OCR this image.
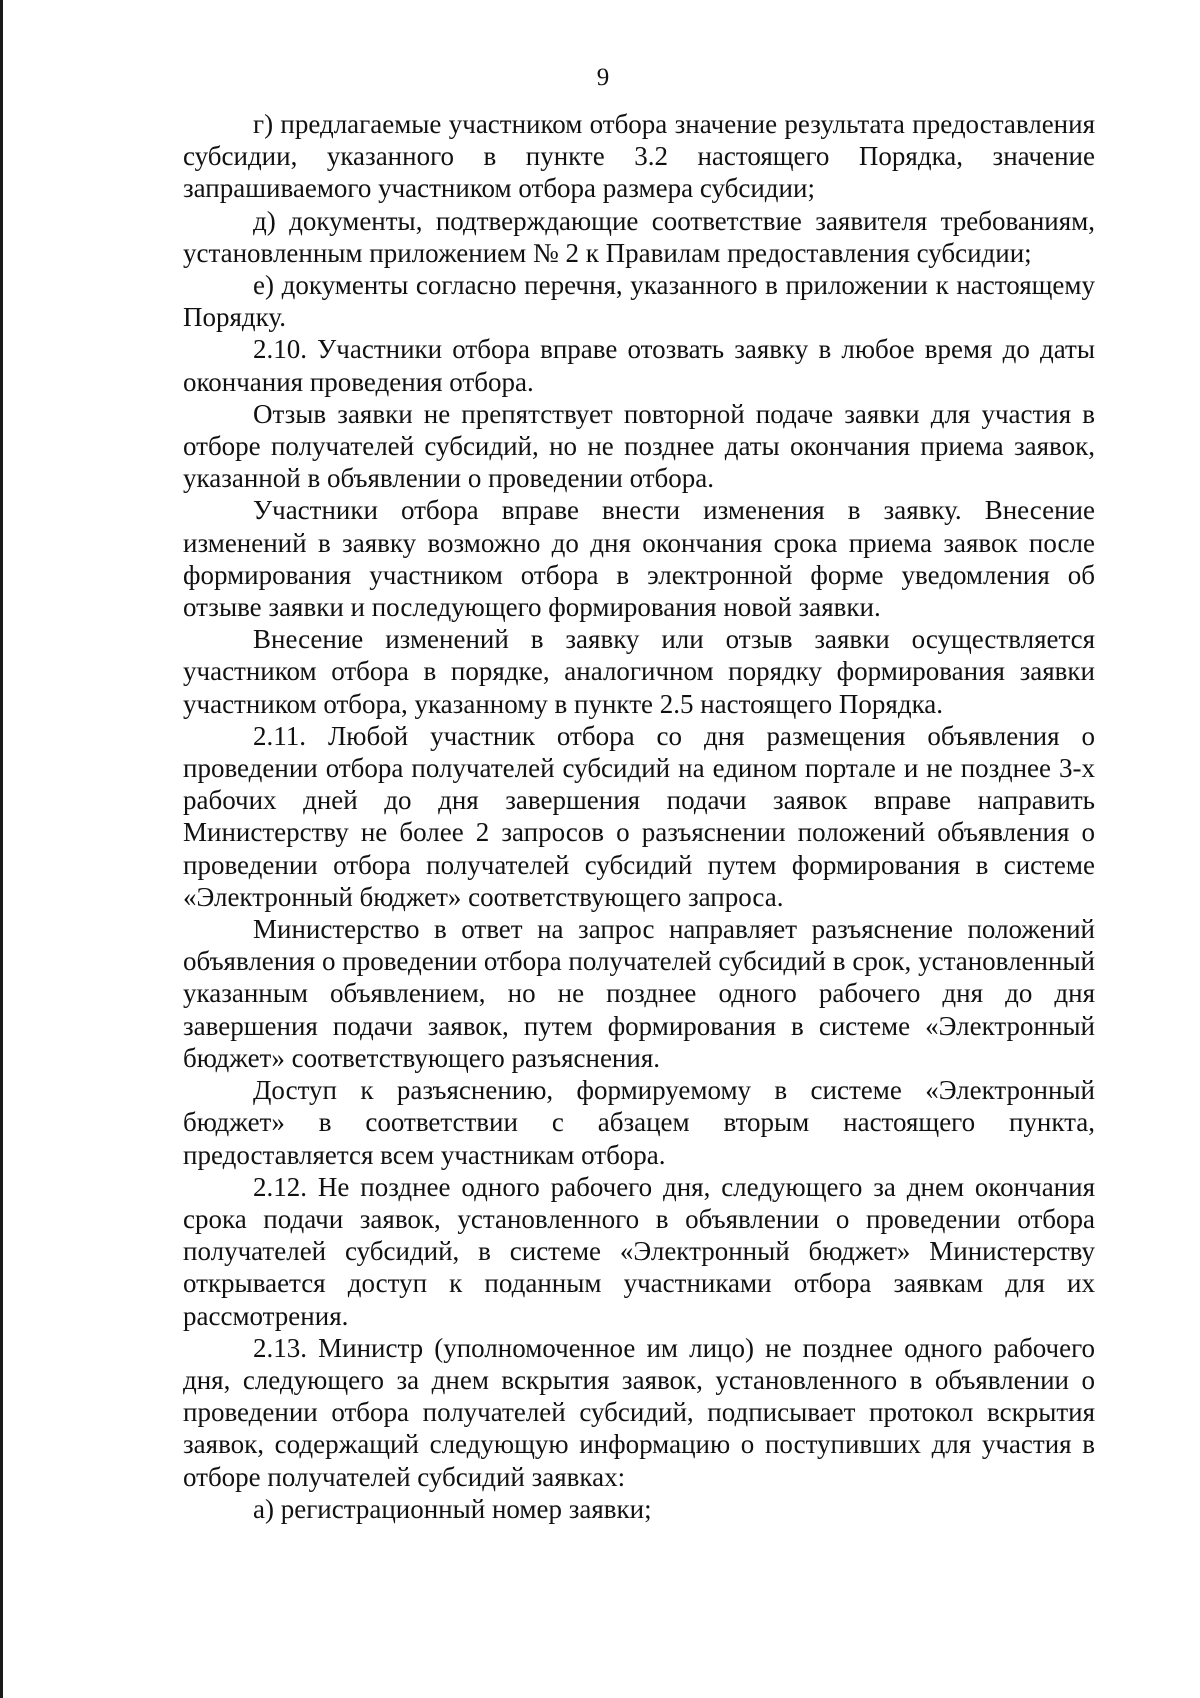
9

г) предлагаемые участником отбора значение результата предоставления субсидии, указанного в пункте 3.2 настоящего Порядка, значение запрашиваемого участником отбора размера субсидии;

д) документы, подтверждающие соответствие заявителя требованиям, установленным приложением № 2 к Правилам предоставления субсидии;

е) документы согласно перечня, указанного в приложении к настоящему Порядку.

2.10. Участники отбора вправе отозвать заявку в любое время до даты окончания проведения отбора.

Отзыв заявки не препятствует повторной подаче заявки для участия в отборе получателей субсидий, но не позднее даты окончания приема заявок, указанной в объявлении о проведении отбора.

Участники отбора вправе внести изменения в заявку. Внесение изменений в заявку возможно до дня окончания срока приема заявок после формирования участником отбора в электронной форме уведомления об отзыве заявки и последующего формирования новой заявки.

Внесение изменений в заявку или отзыв заявки осуществляется участником отбора в порядке, аналогичном порядку формирования заявки участником отбора, указанному в пункте 2.5 настоящего Порядка.

2.11. Любой участник отбора со дня размещения объявления о проведении отбора получателей субсидий на едином портале и не позднее 3-х рабочих дней до дня завершения подачи заявок вправе направить Министерству не более 2 запросов о разъяснении положений объявления о проведении отбора получателей субсидий путем формирования в системе «Электронный бюджет» соответствующего запроса.

Министерство в ответ на запрос направляет разъяснение положений объявления о проведении отбора получателей субсидий в срок, установленный указанным объявлением, но не позднее одного рабочего дня до дня завершения подачи заявок, путем формирования в системе «Электронный бюджет» соответствующего разъяснения.

Доступ к разъяснению, формируемому в системе «Электронный бюджет» в соответствии с абзацем вторым настоящего пункта, предоставляется всем участникам отбора.

2.12. Не позднее одного рабочего дня, следующего за днем окончания срока подачи заявок, установленного в объявлении о проведении отбора получателей субсидий, в системе «Электронный бюджет» Министерству открывается доступ к поданным участниками отбора заявкам для их рассмотрения.

2.13. Министр (уполномоченное им лицо) не позднее одного рабочего дня, следующего за днем вскрытия заявок, установленного в объявлении о проведении отбора получателей субсидий, подписывает протокол вскрытия заявок, содержащий следующую информацию о поступивших для участия в отборе получателей субсидий заявках:

а) регистрационный номер заявки;
